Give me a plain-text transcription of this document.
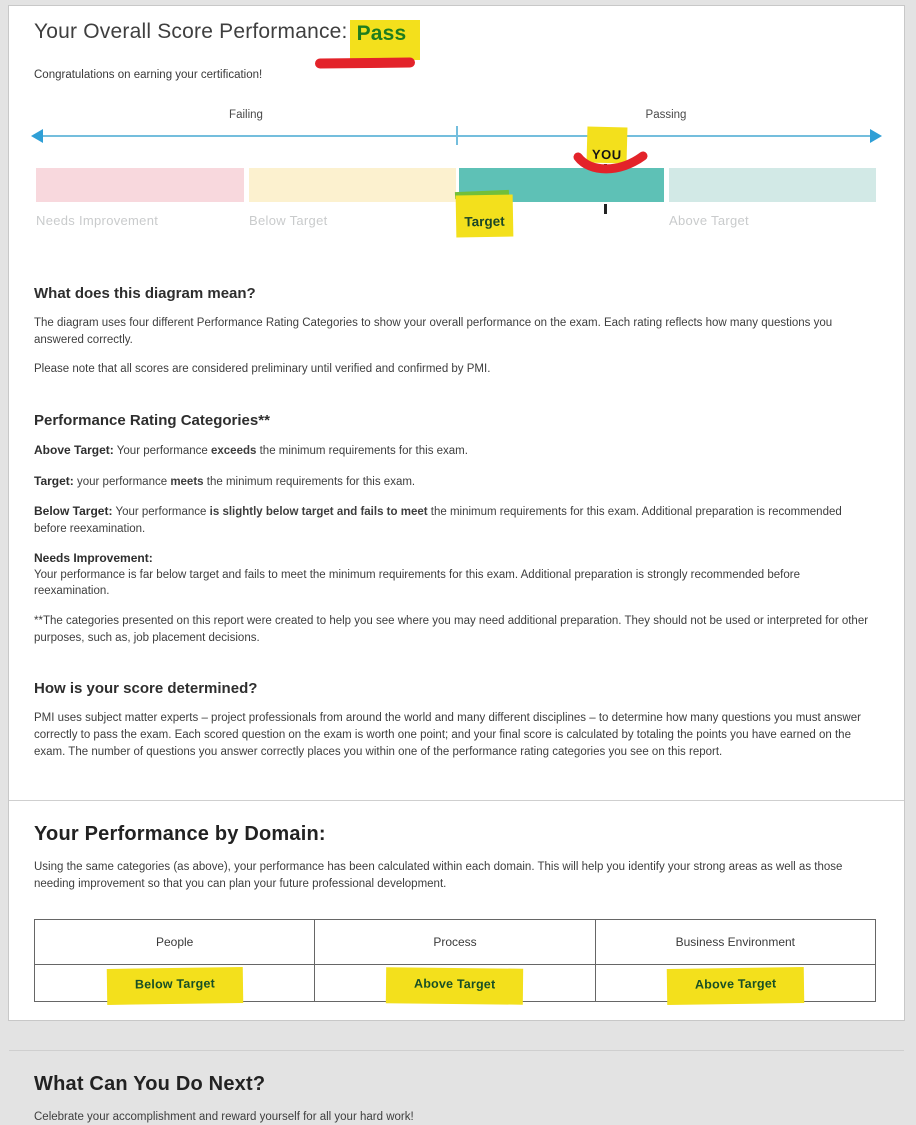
Your Overall Score Performance: Pass

Congratulations on earning your certification!

Failing	Passing
Needs Improvement	Below Target	Above Target
Target
YOU
What does this diagram mean?

The diagram uses four different Performance Rating Categories to show your overall performance on the exam. Each rating reflects how many questions you answered correctly.

Please note that all scores are considered preliminary until verified and confirmed by PMI.

Performance Rating Categories**

Above Target: Your performance exceeds the minimum requirements for this exam.

Target: your performance meets the minimum requirements for this exam.

Below Target: Your performance is slightly below target and fails to meet the minimum requirements for this exam. Additional preparation is recommended before reexamination.

Needs Improvement:

Your performance is far below target and fails to meet the minimum requirements for this exam. Additional preparation is strongly recommended before reexamination.

**The categories presented on this report were created to help you see where you may need additional preparation. They should not be used or interpreted for other purposes, such as, job placement decisions.

How is your score determined?

PMI uses subject matter experts – project professionals from around the world and many different disciplines – to determine how many questions you must answer correctly to pass the exam. Each scored question on the exam is worth one point; and your final score is calculated by totaling the points you have earned on the exam. The number of questions you answer correctly places you within one of the performance rating categories you see on this report.

Your Performance by Domain:

Using the same categories (as above), your performance has been calculated within each domain. This will help you identify your strong areas as well as those needing improvement so that you can plan your future professional development.

People	Process	Business Environment
Below Target	Above Target	Above Target
What Can You Do Next?

Celebrate your accomplishment and reward yourself for all your hard work!
